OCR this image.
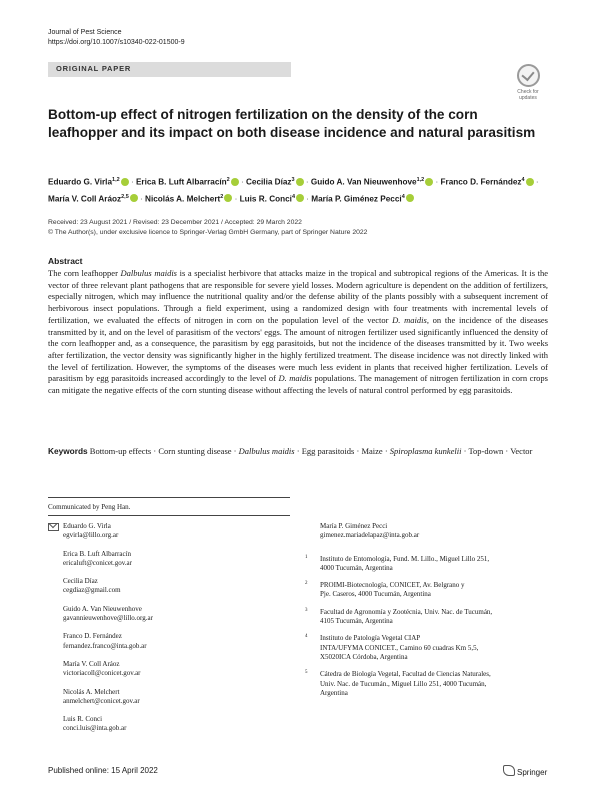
Journal of Pest Science
https://doi.org/10.1007/s10340-022-01500-9
ORIGINAL PAPER
Check for
updates
Bottom-up effect of nitrogen fertilization on the density of the corn leafhopper and its impact on both disease incidence and natural parasitism
Eduardo G. Virla$^{1,2}$ · Erica B. Luft Albarracín$^2$ · Cecilia Díaz$^3$ · Guido A. Van Nieuwenhove$^{1,2}$ · Franco D. Fernández$^4$ · María V. Coll Aráoz$^{2,5}$ · Nicolás A. Melchert$^2$ · Luis R. Conci$^4$ · María P. Giménez Pecci$^4$
Received: 23 August 2021 / Revised: 23 December 2021 / Accepted: 29 March 2022
© The Author(s), under exclusive licence to Springer-Verlag GmbH Germany, part of Springer Nature 2022
Abstract
The corn leafhopper Dalbulus maidis is a specialist herbivore that attacks maize in the tropical and subtropical regions of the Americas. It is the vector of three relevant plant pathogens that are responsible for severe yield losses. Modern agriculture is dependent on the addition of fertilizers, especially nitrogen, which may influence the nutritional quality and/or the defense ability of the plants possibly with a subsequent increment of herbivorous insect populations. Through a field experiment, using a randomized design with four treatments with incremental levels of fertilization, we evaluated the effects of nitrogen in corn on the population level of the vector D. maidis, on the incidence of the diseases transmitted by it, and on the level of parasitism of the vectors' eggs. The amount of nitrogen fertilizer used significantly influenced the density of the corn leafhopper and, as a consequence, the parasitism by egg parasitoids, but not the incidence of the diseases transmitted by it. Two weeks after fertilization, the vector density was significantly higher in the highly fertilized treatment. The disease incidence was not directly linked with the level of fertilization. However, the symptoms of the diseases were much less evident in plants that received higher fertilization. Levels of parasitism by egg parasitoids increased accordingly to the level of D. maidis populations. The management of nitrogen fertilization in corn crops can mitigate the negative effects of the corn stunting disease without affecting the levels of natural control performed by egg parasitoids.
Keywords Bottom-up effects · Corn stunting disease · Dalbulus maidis · Egg parasitoids · Maize · Spiroplasma kunkelii · Top-down · Vector
Communicated by Peng Han.
Eduardo G. Virla
egvirla@lillo.org.ar
Erica B. Luft Albarracín
ericaluft@conicet.gov.ar
Cecilia Díaz
cegdiaz@gmail.com
Guido A. Van Nieuwenhove
gavannieuwenhove@lillo.org.ar
Franco D. Fernández
fernandez.franco@inta.gob.ar
María V. Coll Aráoz
victoriacoll@conicet.gov.ar
Nicolás A. Melchert
anmelchert@conicet.gov.ar
Luis R. Conci
conci.luis@inta.gob.ar
María P. Giménez Pecci
gimenez.mariadelapaz@inta.gob.ar
1 Instituto de Entomología, Fund. M. Lillo., Miguel Lillo 251,
4000 Tucumán, Argentina
2 PROIMI-Biotecnología, CONICET, Av. Belgrano y
Pje. Caseros, 4000 Tucumán, Argentina
3 Facultad de Agronomía y Zootécnia, Univ. Nac. de Tucumán,
4105 Tucumán, Argentina
4 Instituto de Patología Vegetal CIAP
INTA/UFYMA CONICET., Camino 60 cuadras Km 5,5,
X5020ICA Córdoba, Argentina
5 Cátedra de Biología Vegetal, Facultad de Ciencias Naturales,
Univ. Nac. de Tucumán., Miguel Lillo 251, 4000 Tucumán,
Argentina
Published online: 15 April 2022	Springer
